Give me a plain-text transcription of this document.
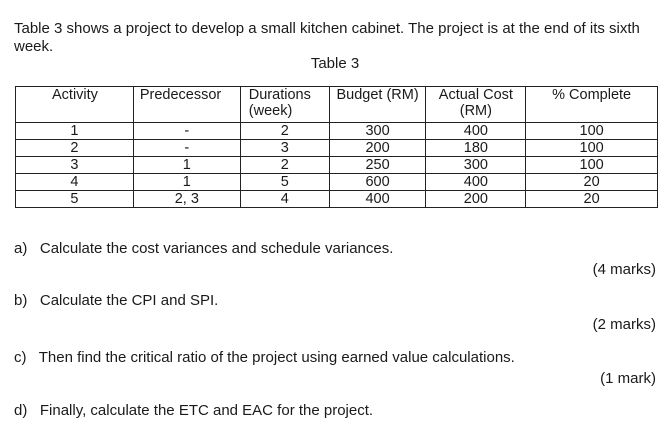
Table 3 shows a project to develop a small kitchen cabinet. The project is at the end of its sixth week.
Table 3
Activity	Predecessor	Durations (week)	Budget (RM)	Actual Cost (RM)	% Complete
1	-	2	300	400	100
2	-	3	200	180	100
3	1	2	250	300	100
4	1	5	600	400	20
5	2, 3	4	400	200	20
a) Calculate the cost variances and schedule variances.
(4 marks)
b) Calculate the CPI and SPI.
(2 marks)
c) Then find the critical ratio of the project using earned value calculations.
(1 mark)
d) Finally, calculate the ETC and EAC for the project.
